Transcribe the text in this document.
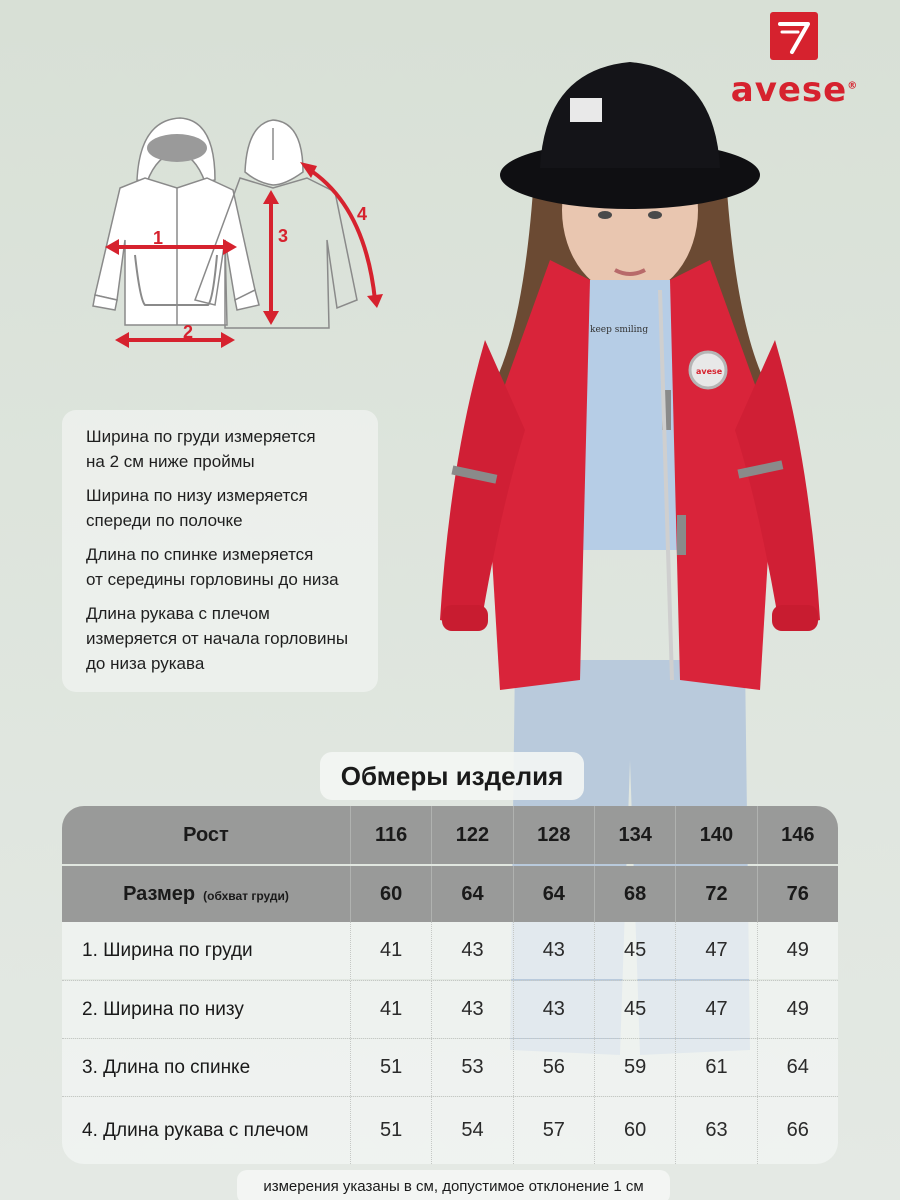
avese®
keep smiling
avese
1
2
3
4

Ширина по груди измеряется
на 2 см ниже проймы

Ширина по низу измеряется
спереди по полочке

Длина по спинке измеряется
от середины горловины до низа

Длина рукава с плечом
измеряется от начала горловины
до низа рукава

Обмеры изделия
Рост	116	122	128	134	140	146
Размер (обхват груди)	60	64	64	68	72	76
1. Ширина по груди	41	43	43	45	47	49
2. Ширина по низу	41	43	43	45	47	49
3. Длина по спинке	51	53	56	59	61	64
4. Длина рукава с плечом	51	54	57	60	63	66
измерения указаны в см, допустимое отклонение 1 см
